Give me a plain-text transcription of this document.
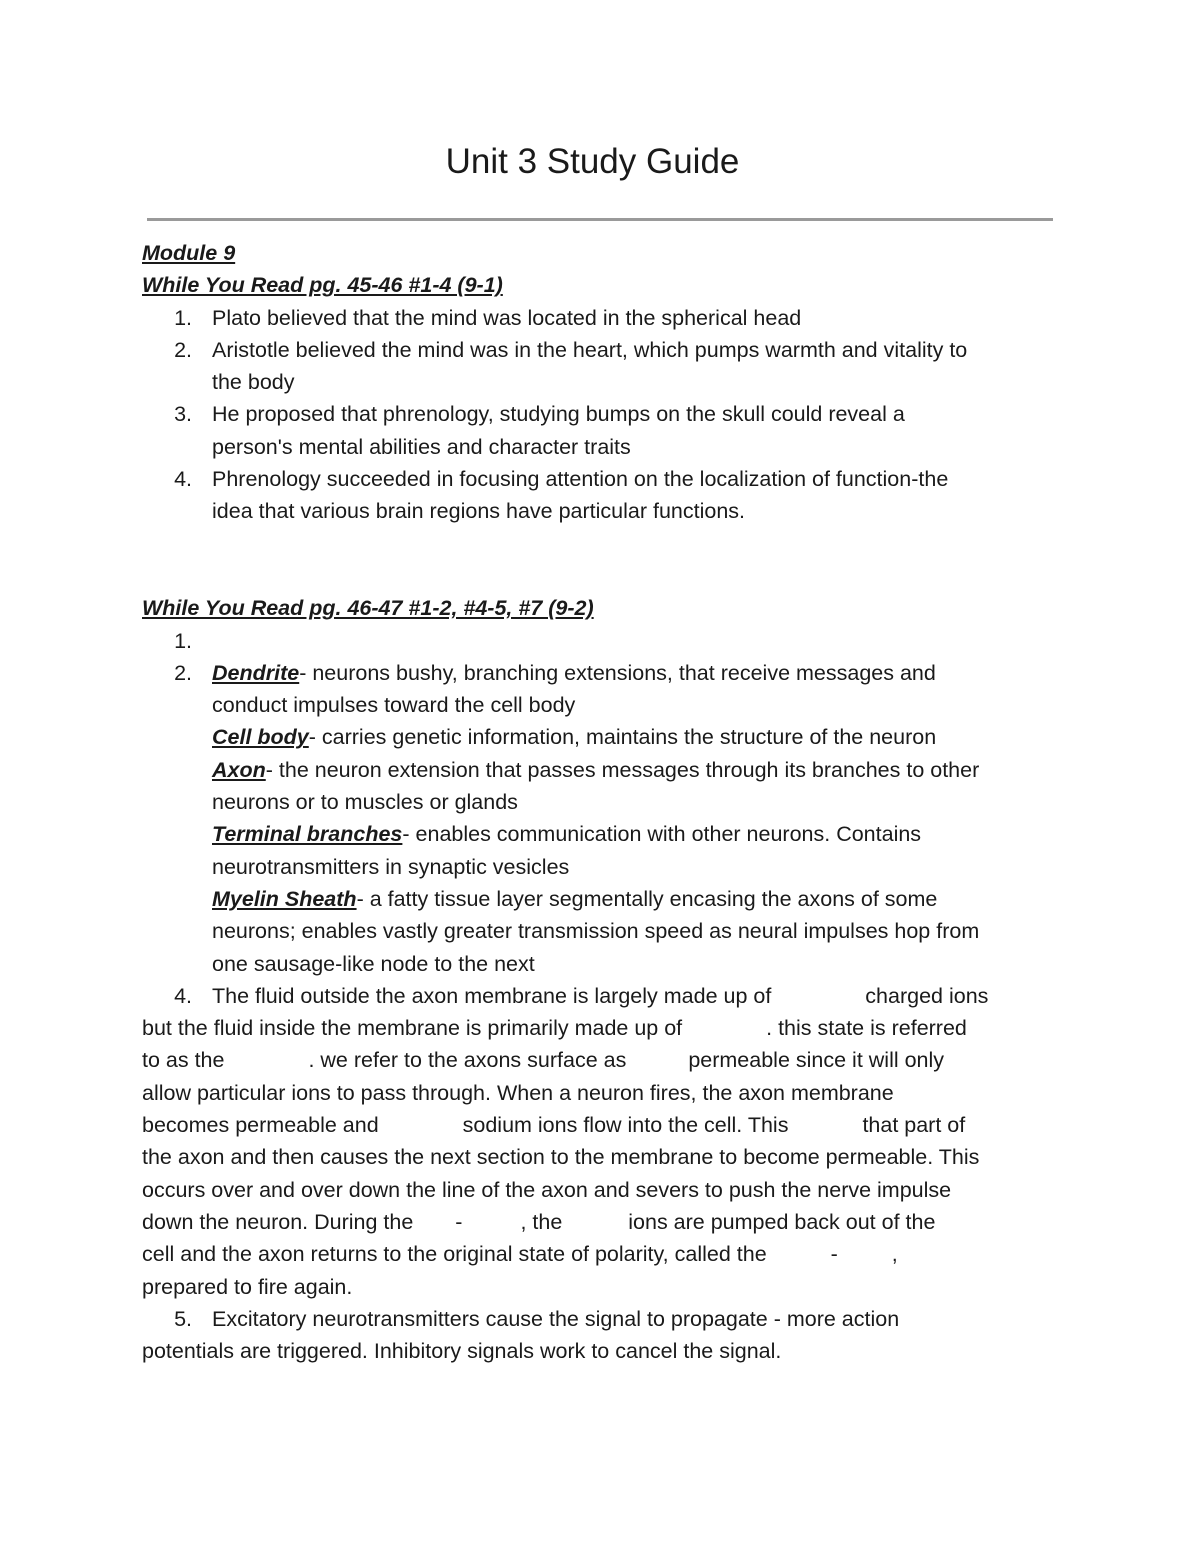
Unit 3 Study Guide
Module 9
While You Read pg. 45-46 #1-4 (9-1)
1. Plato believed that the mind was located in the spherical head
2. Aristotle believed the mind was in the heart, which pumps warmth and vitality to
the body
3. He proposed that phrenology, studying bumps on the skull could reveal a
person's mental abilities and character traits
4. Phrenology succeeded in focusing attention on the localization of function-the
idea that various brain regions have particular functions.
While You Read pg. 46-47 #1-2, #4-5, #7 (9-2)
1.
2. Dendrite- neurons bushy, branching extensions, that receive messages and
conduct impulses toward the cell body
Cell body- carries genetic information, maintains the structure of the neuron
Axon- the neuron extension that passes messages through its branches to other
neurons or to muscles or glands
Terminal branches- enables communication with other neurons. Contains
neurotransmitters in synaptic vesicles
Myelin Sheath- a fatty tissue layer segmentally encasing the axons of some
neurons; enables vastly greater transmission speed as neural impulses hop from
one sausage-like node to the next
4. The fluid outside the axon membrane is largely made up of	charged ions
but the fluid inside the membrane is primarily made up of	. this state is referred
to as the	. we refer to the axons surface as	permeable since it will only
allow particular ions to pass through. When a neuron fires, the axon membrane
becomes permeable and	sodium ions flow into the cell. This	that part of
the axon and then causes the next section to the membrane to become permeable. This
occurs over and over down the line of the axon and severs to push the nerve impulse
down the neuron. During the - , the	ions are pumped back out of the
cell and the axon returns to the original state of polarity, called the	- ,
prepared to fire again.
5. Excitatory neurotransmitters cause the signal to propagate - more action
potentials are triggered. Inhibitory signals work to cancel the signal.
